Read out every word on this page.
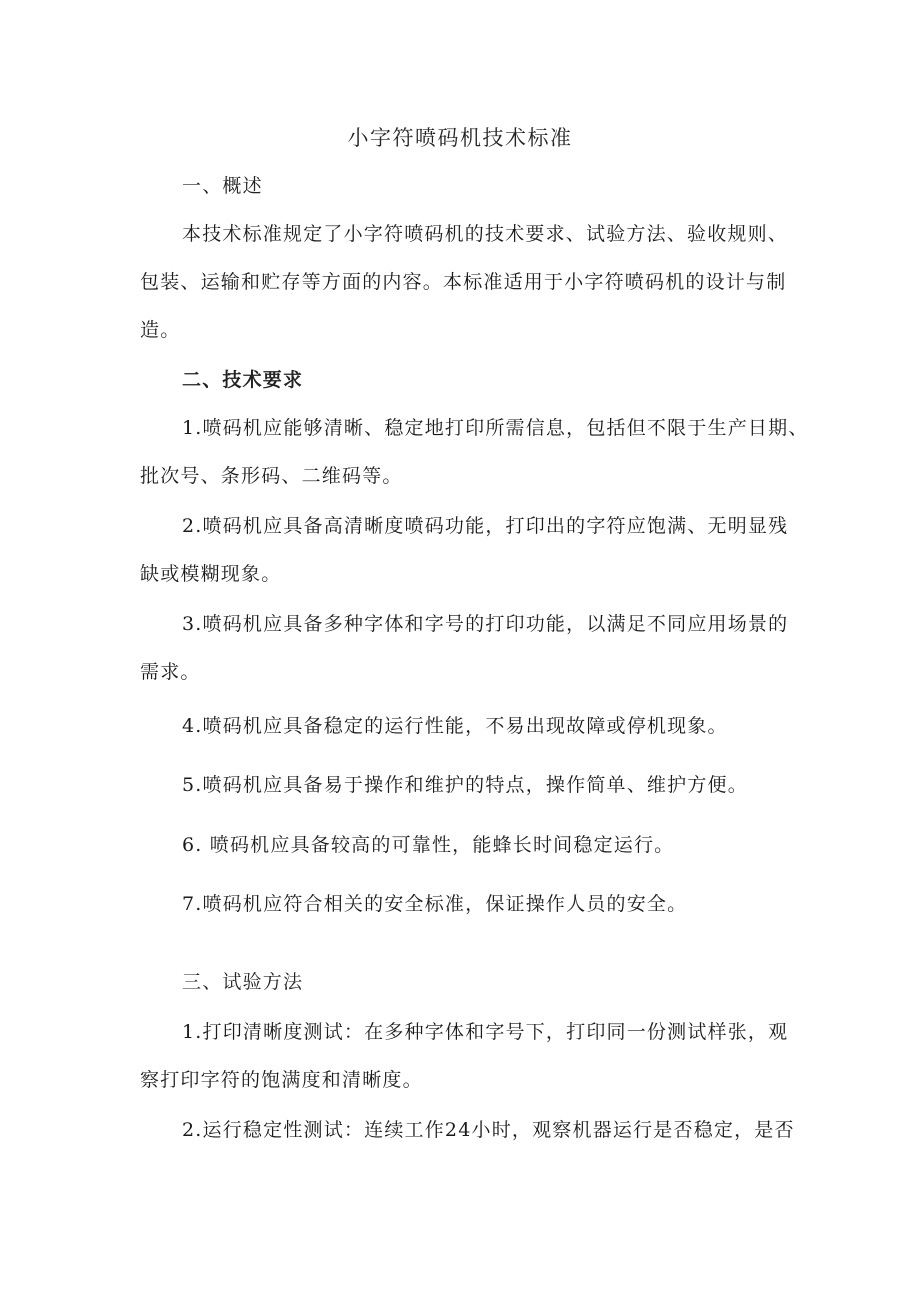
小字符喷码机技术标准
一、概述
本技术标准规定了小字符喷码机的技术要求、试验方法、验收规则、
包装、运输和贮存等方面的内容。本标准适用于小字符喷码机的设计与制
造。
二、技术要求
1.喷码机应能够清晰、稳定地打印所需信息，包括但不限于生产日期、
批次号、条形码、二维码等。
2.喷码机应具备高清晰度喷码功能，打印出的字符应饱满、无明显残
缺或模糊现象。
3.喷码机应具备多种字体和字号的打印功能，以满足不同应用场景的
需求。
4.喷码机应具备稳定的运行性能，不易出现故障或停机现象。
5.喷码机应具备易于操作和维护的特点，操作简单、维护方便。
6. 喷码机应具备较高的可靠性，能蜂长时间稳定运行。
7.喷码机应符合相关的安全标准，保证操作人员的安全。
三、试验方法
1.打印清晰度测试：在多种字体和字号下，打印同一份测试样张，观
察打印字符的饱满度和清晰度。
2.运行稳定性测试：连续工作24小时，观察机器运行是否稳定，是否
